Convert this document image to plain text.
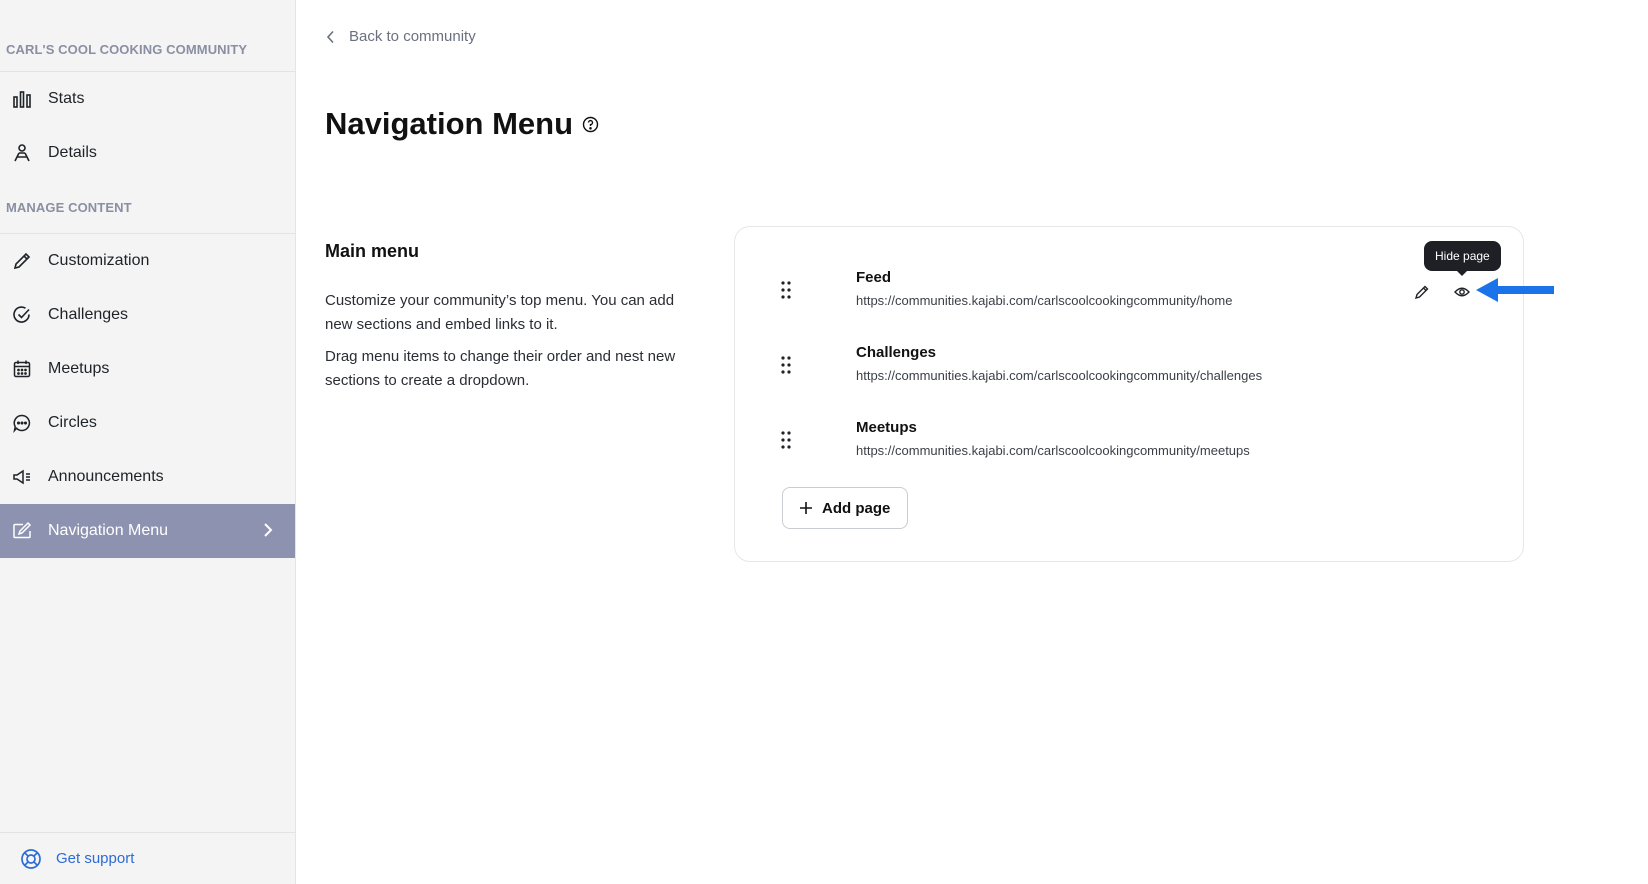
CARL'S COOL COOKING COMMUNITY
Stats
Details
MANAGE CONTENT
Customization
Challenges
Meetups
Circles
Announcements
Navigation Menu
Get support
Back to community
Navigation Menu
Main menu

Customize your community’s top menu. You can add new sections and embed links to it.

Drag menu items to change their order and nest new sections to create a dropdown.

Feed
https://communities.kajabi.com/carlscoolcookingcommunity/home
Challenges
https://communities.kajabi.com/carlscoolcookingcommunity/challenges
Meetups
https://communities.kajabi.com/carlscoolcookingcommunity/meetups
Hide page
Add page
